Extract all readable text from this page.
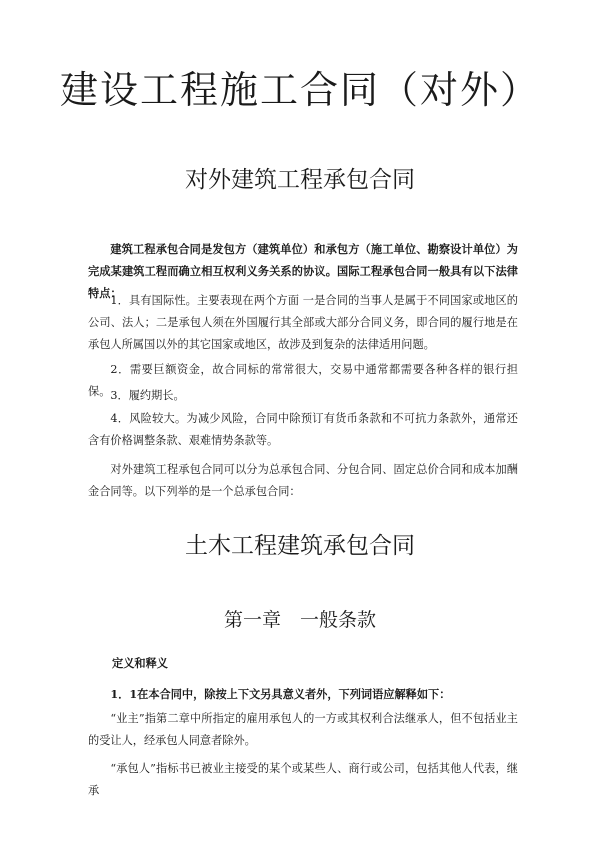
建设工程施工合同（对外）
对外建筑工程承包合同

建筑工程承包合同是发包方（建筑单位）和承包方（施工单位、勘察设计单位）为完成某建筑工程而确立相互权利义务关系的协议。国际工程承包合同一般具有以下法律特点：

1．具有国际性。主要表现在两个方面 一是合同的当事人是属于不同国家或地区的公司、法人；二是承包人须在外国履行其全部或大部分合同义务，即合同的履行地是在承包人所属国以外的其它国家或地区，故涉及到复杂的法律适用问题。

2．需要巨额资金，故合同标的常常很大，交易中通常都需要各种各样的银行担保。 3．履约期长。

4．风险较大。为减少风险，合同中除预订有货币条款和不可抗力条款外，通常还含有价格调整条款、艰难情势条款等。

对外建筑工程承包合同可以分为总承包合同、分包合同、固定总价合同和成本加酬金合同等。以下列举的是一个总承包合同：

土木工程建筑承包合同
第一章　一般条款

定义和释义

1．1在本合同中，除按上下文另具意义者外，下列词语应解释如下：

“业主”指第二章中所指定的雇用承包人的一方或其权利合法继承人，但不包括业主的受让人，经承包人同意者除外。

“承包人”指标书已被业主接受的某个或某些人、商行或公司，包括其他人代表，继承
